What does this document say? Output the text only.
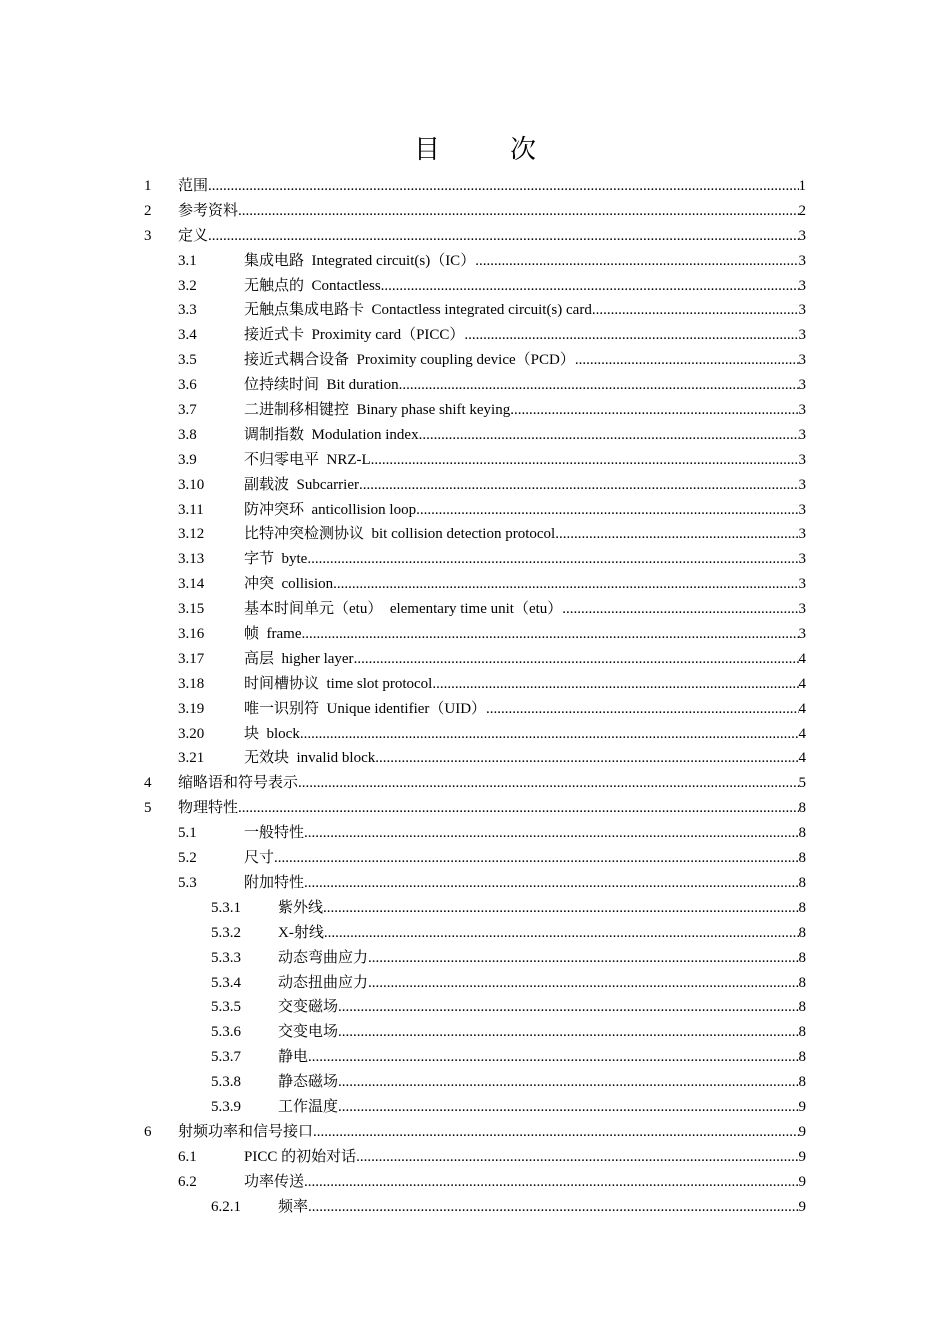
目　次
1 范围 .....	1
2 参考资料 .....	2
3 定义 .....	3
3.1	集成电路  Integrated circuit(s)（IC） .....	3
3.2	无触点的  Contactless .....	3
3.3	无触点集成电路卡  Contactless integrated circuit(s) card .....	3
3.4	接近式卡  Proximity card（PICC） .....	3
3.5	接近式耦合设备  Proximity coupling device（PCD） .....	3
3.6	位持续时间  Bit duration .....	3
3.7	二进制移相键控  Binary phase shift keying .....	3
3.8	调制指数  Modulation index .....	3
3.9	不归零电平  NRZ-L .....	3
3.10	副载波  Subcarrier .....	3
3.11	防冲突环  anticollision loop .....	3
3.12	比特冲突检测协议  bit collision detection protocol .....	3
3.13	字节  byte .....	3
3.14	冲突  collision .....	3
3.15	基本时间单元（etu）  elementary time unit（etu） .....	3
3.16	帧  frame .....	3
3.17	高层  higher layer .....	4
3.18	时间槽协议  time slot protocol .....	4
3.19	唯一识别符  Unique identifier（UID） .....	4
3.20	块  block .....	4
3.21	无效块  invalid block .....	4
4 缩略语和符号表示 .....	5
5 物理特性 .....	8
5.1	一般特性 .....	8
5.2	尺寸 .....	8
5.3	附加特性 .....	8
5.3.1 紫外线 .....	8
5.3.2 X-射线 .....	8
5.3.3 动态弯曲应力 .....	8
5.3.4 动态扭曲应力 .....	8
5.3.5 交变磁场 .....	8
5.3.6 交变电场 .....	8
5.3.7 静电 .....	8
5.3.8 静态磁场 .....	8
5.3.9 工作温度 .....	9
6 射频功率和信号接口 .....	9
6.1	PICC 的初始对话 .....	9
6.2	功率传送 .....	9
6.2.1 频率 .....	9
